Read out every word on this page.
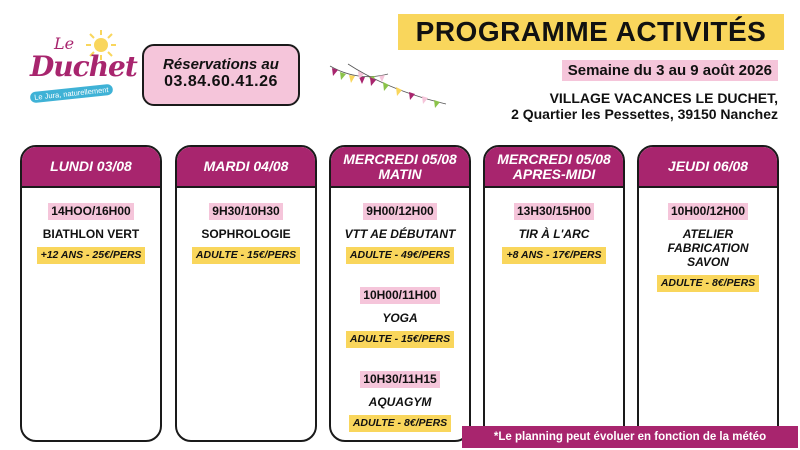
Le
Duchet
Le Jura, naturellement
Réservations au
03.84.60.41.26
PROGRAMME ACTIVITÉS
Semaine du 3 au 9 août 2026
VILLAGE VACANCES LE DUCHET,
2 Quartier les Pessettes, 39150 Nanchez
LUNDI 03/08
14HOO/16H00
BIATHLON VERT
+12 ANS - 25€/PERS
MARDI 04/08
9H30/10H30
SOPHROLOGIE
ADULTE - 15€/PERS
MERCREDI 05/08
MATIN
9H00/12H00
VTT AE DÉBUTANT
ADULTE - 49€/PERS
10H00/11H00
YOGA
ADULTE - 15€/PERS
10H30/11H15
AQUAGYM
ADULTE - 8€/PERS
MERCREDI 05/08
APRES-MIDI
13H30/15H00
TIR À L'ARC
+8 ANS - 17€/PERS
JEUDI 06/08
10H00/12H00
ATELIER
FABRICATION
SAVON
ADULTE - 8€/PERS
*Le planning peut évoluer en fonction de la météo
